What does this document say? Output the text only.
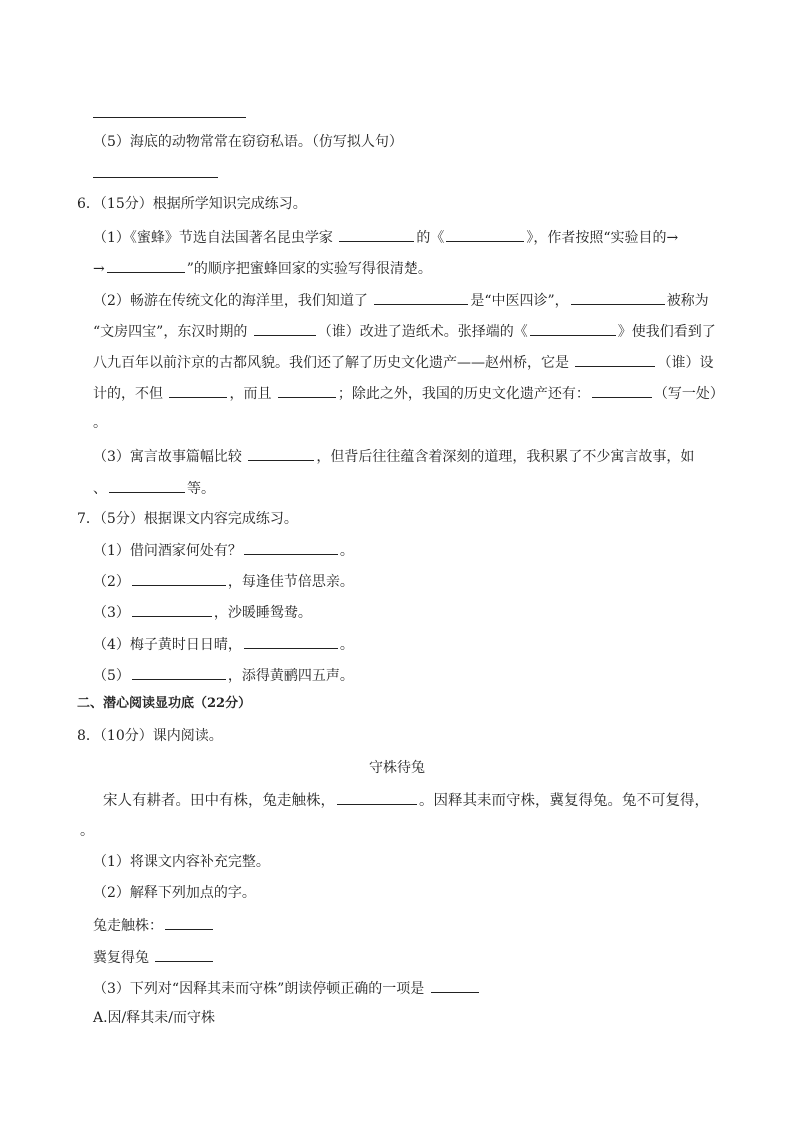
（5）海底的动物常常在窃窃私语。（仿写拟人句）
6．（15分）根据所学知识完成练习。
（1）《蜜蜂》节选自法国著名昆虫学家	的《	》，作者按照“实验目的→
→	”的顺序把蜜蜂回家的实验写得很清楚。
（2）畅游在传统文化的海洋里，我们知道了	是“中医四诊”，	被称为
“文房四宝”，东汉时期的	（谁）改进了造纸术。张择端的《	》使我们看到了
八九百年以前汴京的古都风貌。我们还了解了历史文化遗产——赵州桥，它是	（谁）设
计的，不但	，而且	；除此之外，我国的历史文化遗产还有：	（写一处）
。
（3）寓言故事篇幅比较	，但背后往往蕴含着深刻的道理，我积累了不少寓言故事，如
、	等。
7．（5分）根据课文内容完成练习。
（1）借问酒家何处有？	。
（2）	，每逢佳节倍思亲。
（3）	，沙暖睡鸳鸯。
（4）梅子黄时日日晴，	。
（5）	，添得黄鹂四五声。
二、潜心阅读显功底（22分）
8．（10分）课内阅读。
守株待兔
宋人有耕者。田中有株，兔走触株，	。因释其耒而守株，冀复得兔。兔不可复得，
。
（1）将课文内容补充完整。
（2）解释下列加点的字。
兔走触株：
冀复得兔
（3）下列对“因释其耒而守株”朗读停顿正确的一项是
A.因/释其耒/而守株
